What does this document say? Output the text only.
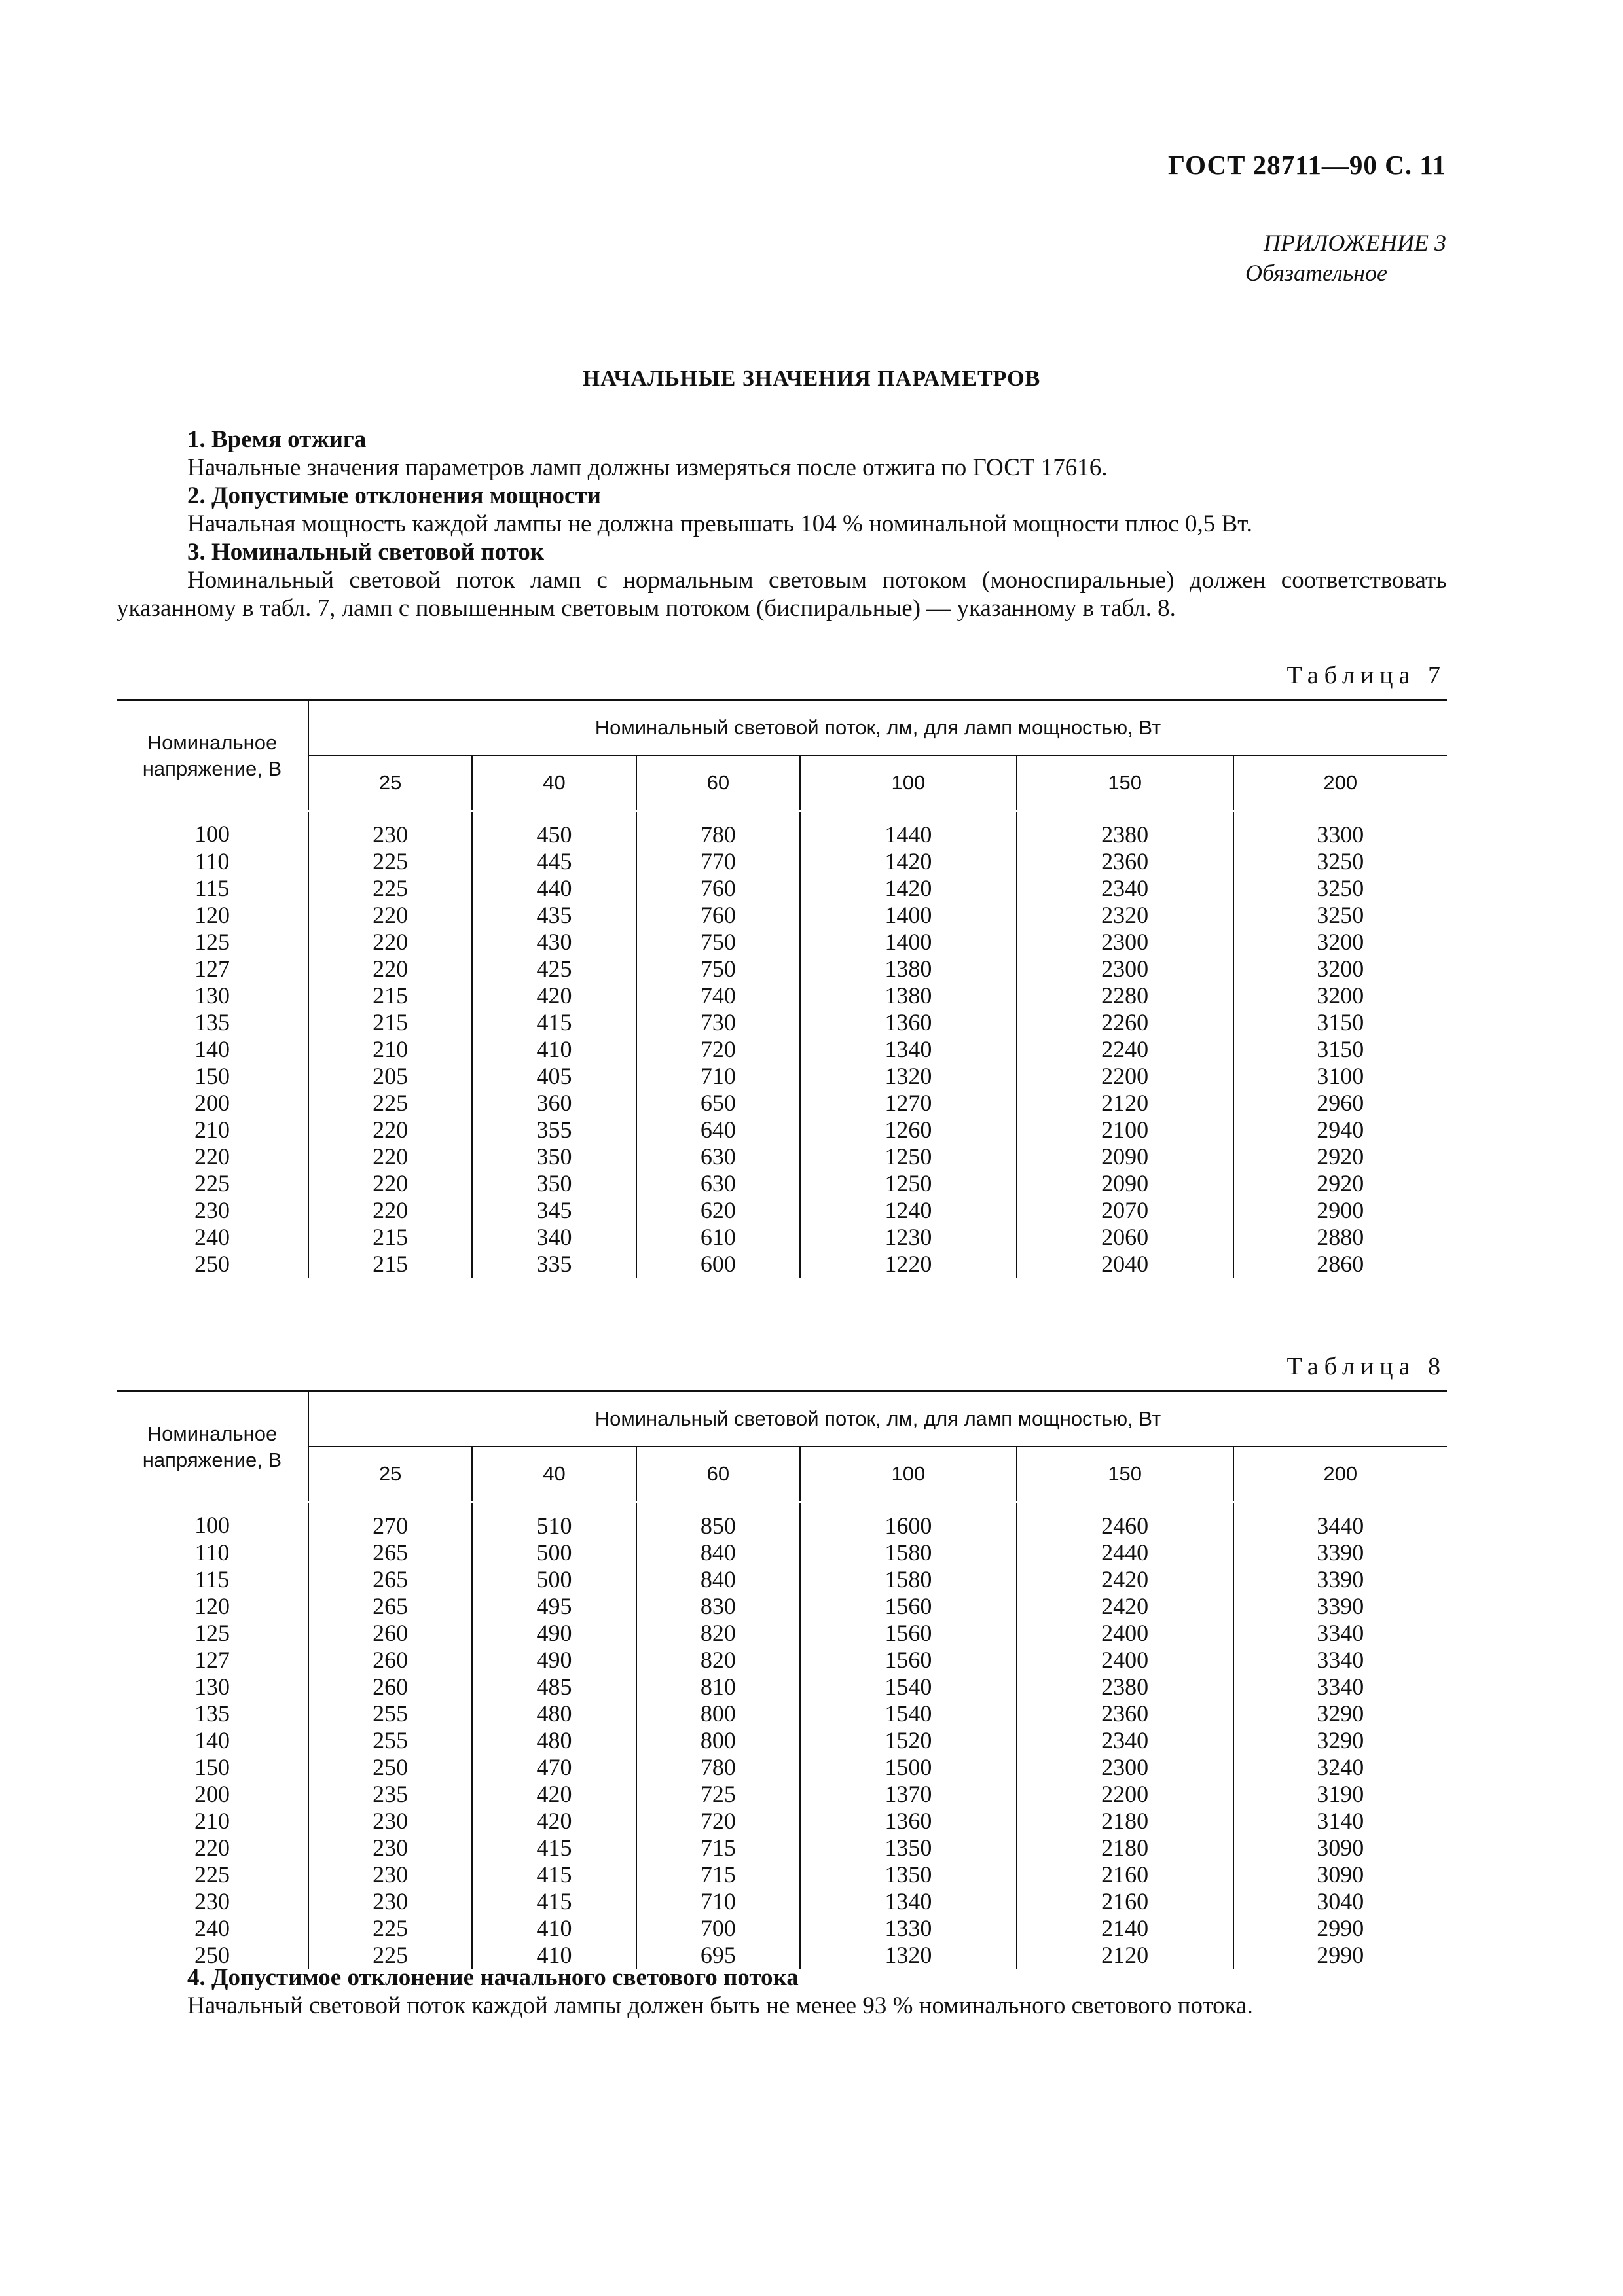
ГОСТ 28711—90 С. 11
ПРИЛОЖЕНИЕ 3
Обязательное
НАЧАЛЬНЫЕ ЗНАЧЕНИЯ ПАРАМЕТРОВ
1. Время отжига
Начальные значения параметров ламп должны измеряться после отжига по ГОСТ 17616.
2. Допустимые отклонения мощности
Начальная мощность каждой лампы не должна превышать 104 % номинальной мощности плюс 0,5 Вт.
3. Номинальный световой поток
Номинальный световой поток ламп с нормальным световым потоком (моноспиральные) должен соответствовать указанному в табл. 7, ламп с повышенным световым потоком (биспиральные) — указанному в табл. 8.
Таблица 7
Номинальное напряжение, В	Номинальный световой поток, лм, для ламп мощностью, Вт					
	25	40	60	100	150	200
100	230	450	780	1440	2380	3300
110	225	445	770	1420	2360	3250
115	225	440	760	1420	2340	3250
120	220	435	760	1400	2320	3250
125	220	430	750	1400	2300	3200
127	220	425	750	1380	2300	3200
130	215	420	740	1380	2280	3200
135	215	415	730	1360	2260	3150
140	210	410	720	1340	2240	3150
150	205	405	710	1320	2200	3100
200	225	360	650	1270	2120	2960
210	220	355	640	1260	2100	2940
220	220	350	630	1250	2090	2920
225	220	350	630	1250	2090	2920
230	220	345	620	1240	2070	2900
240	215	340	610	1230	2060	2880
250	215	335	600	1220	2040	2860
Таблица 8
Номинальное напряжение, В	Номинальный световой поток, лм, для ламп мощностью, Вт					
	25	40	60	100	150	200
100	270	510	850	1600	2460	3440
110	265	500	840	1580	2440	3390
115	265	500	840	1580	2420	3390
120	265	495	830	1560	2420	3390
125	260	490	820	1560	2400	3340
127	260	490	820	1560	2400	3340
130	260	485	810	1540	2380	3340
135	255	480	800	1540	2360	3290
140	255	480	800	1520	2340	3290
150	250	470	780	1500	2300	3240
200	235	420	725	1370	2200	3190
210	230	420	720	1360	2180	3140
220	230	415	715	1350	2180	3090
225	230	415	715	1350	2160	3090
230	230	415	710	1340	2160	3040
240	225	410	700	1330	2140	2990
250	225	410	695	1320	2120	2990
4. Допустимое отклонение начального светового потока
Начальный световой поток каждой лампы должен быть не менее 93 % номинального светового потока.
